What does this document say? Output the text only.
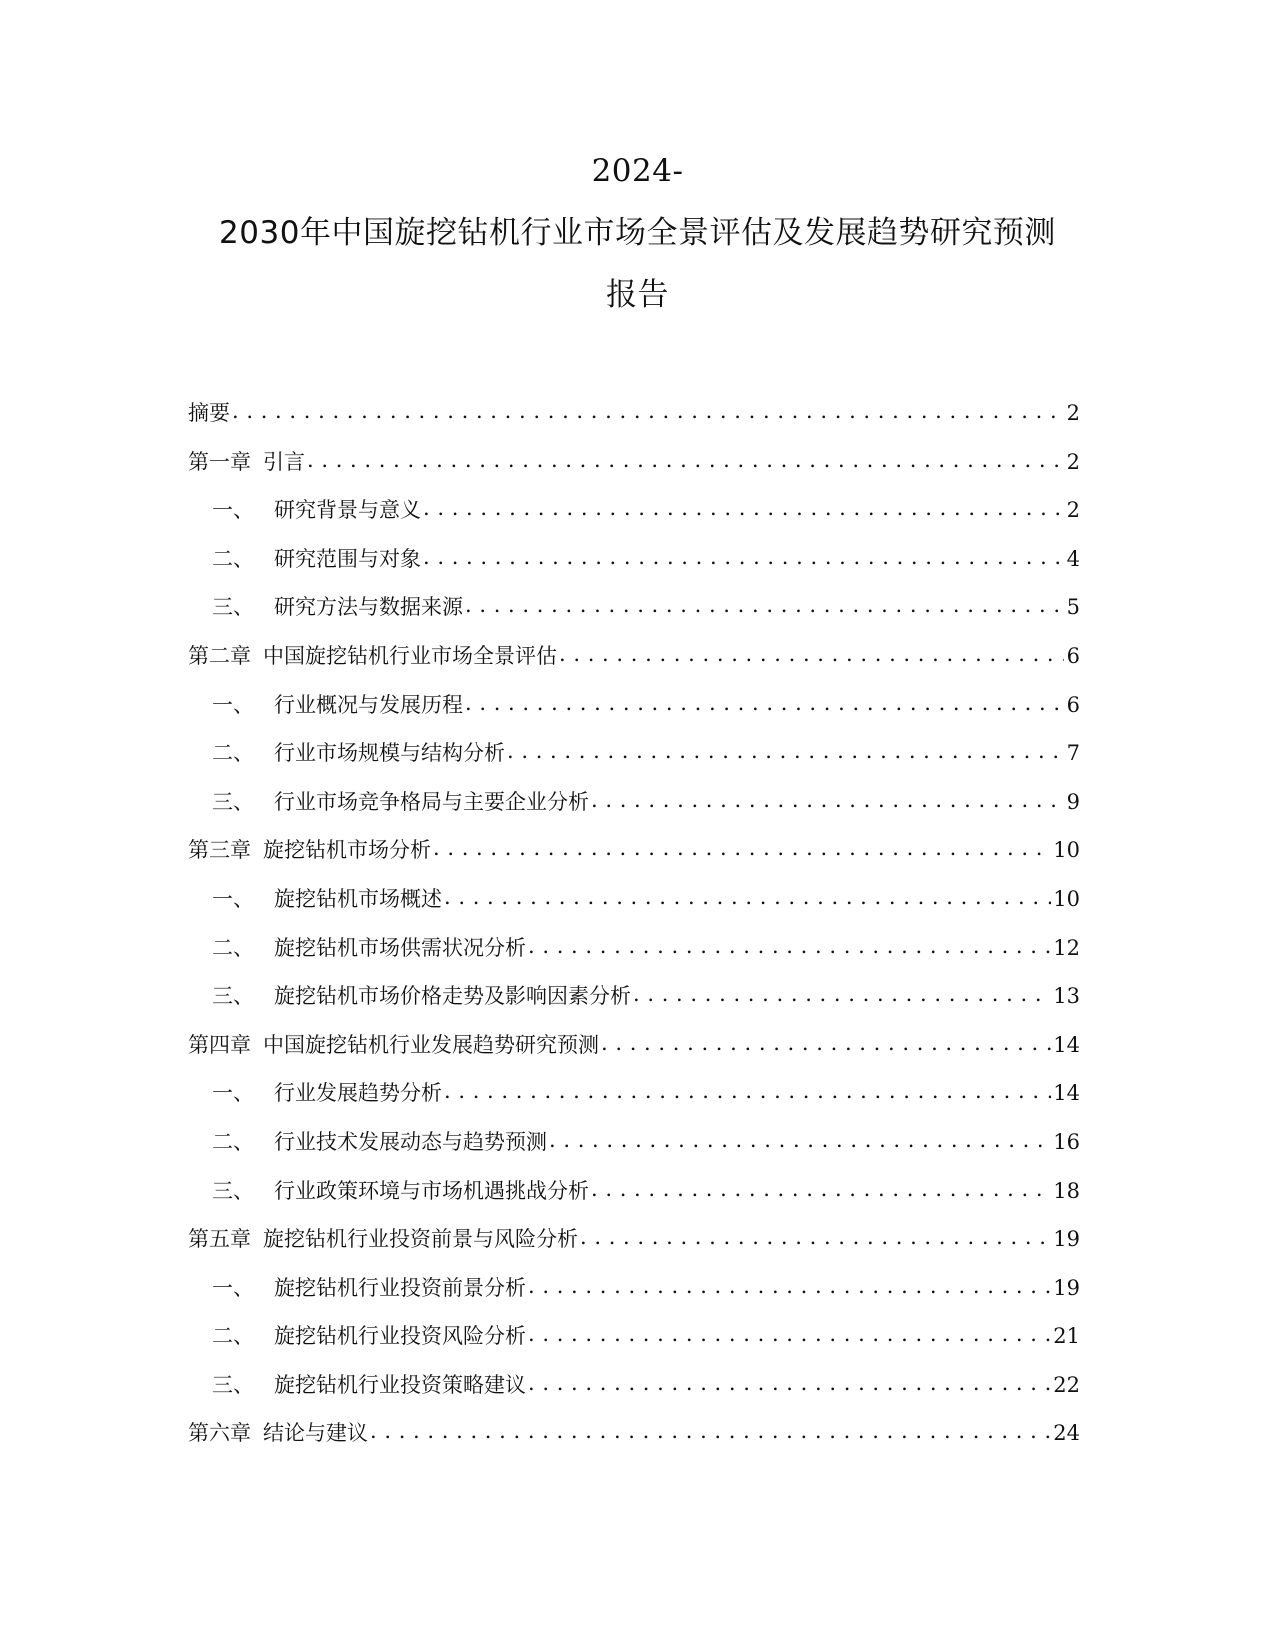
2024-
2030年中国旋挖钻机行业市场全景评估及发展趋势研究预测
报告
摘要 . . .	2
第一章 引言 . . .	2
一、 研究背景与意义 . . .	2
二、 研究范围与对象 . . .	4
三、 研究方法与数据来源 . . .	5
第二章 中国旋挖钻机行业市场全景评估 . . .	6
一、 行业概况与发展历程 . . .	6
二、 行业市场规模与结构分析 . . .	7
三、 行业市场竞争格局与主要企业分析 . . .	9
第三章 旋挖钻机市场分析 . . .	10
一、 旋挖钻机市场概述 . . .	10
二、 旋挖钻机市场供需状况分析 . . .	12
三、 旋挖钻机市场价格走势及影响因素分析 . . .	13
第四章 中国旋挖钻机行业发展趋势研究预测 . . .	14
一、 行业发展趋势分析 . . .	14
二、 行业技术发展动态与趋势预测 . . .	16
三、 行业政策环境与市场机遇挑战分析 . . .	18
第五章 旋挖钻机行业投资前景与风险分析 . . .	19
一、 旋挖钻机行业投资前景分析 . . .	19
二、 旋挖钻机行业投资风险分析 . . .	21
三、 旋挖钻机行业投资策略建议 . . .	22
第六章 结论与建议 . . .	24
